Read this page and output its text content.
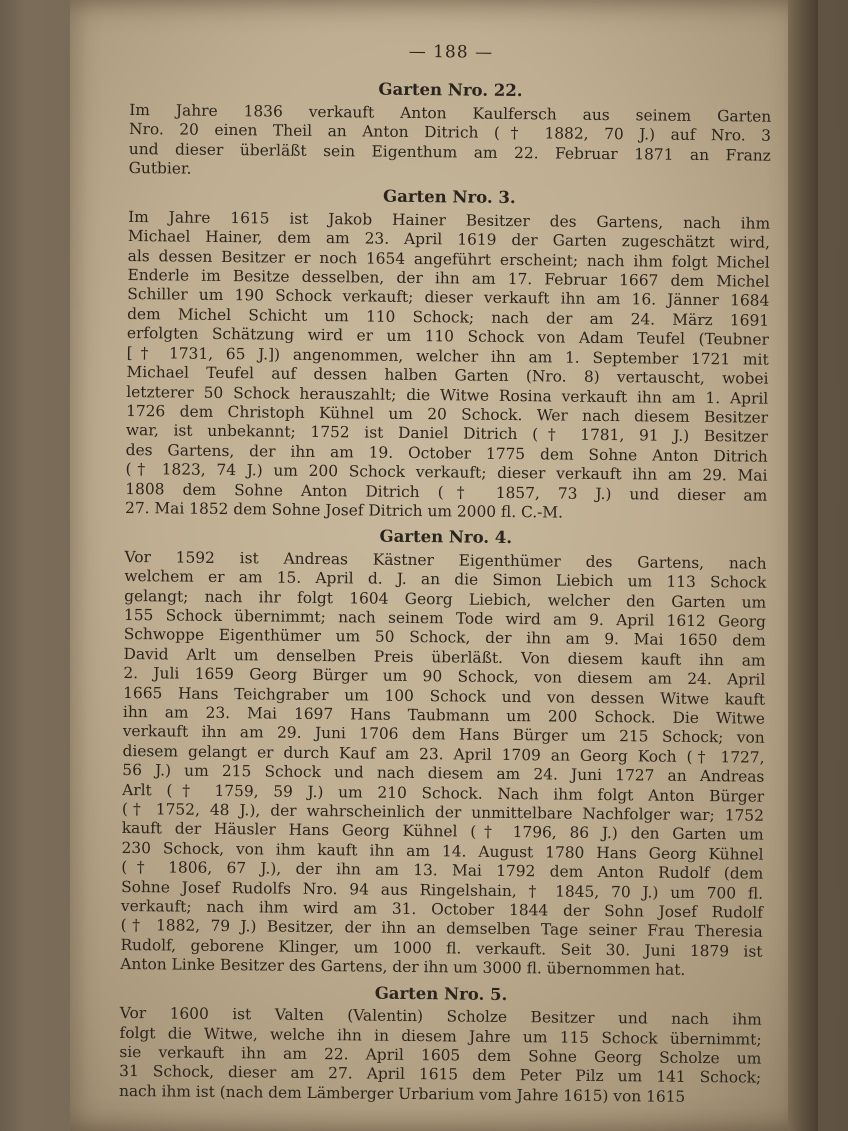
— 188 —
Garten Nro. 22.
Im Jahre 1836 verkauft Anton Kaulfersch aus seinem Garten
Nro. 20 einen Theil an Anton Ditrich († 1882, 70 J.) auf Nro. 3
und dieser überläßt sein Eigenthum am 22. Februar 1871 an Franz
Gutbier.
Garten Nro. 3.
Im Jahre 1615 ist Jakob Hainer Besitzer des Gartens, nach ihm
Michael Hainer, dem am 23. April 1619 der Garten zugeschätzt wird,
als dessen Besitzer er noch 1654 angeführt erscheint; nach ihm folgt Michel
Enderle im Besitze desselben, der ihn am 17. Februar 1667 dem Michel
Schiller um 190 Schock verkauft; dieser verkauft ihn am 16. Jänner 1684
dem Michel Schicht um 110 Schock; nach der am 24. März 1691
erfolgten Schätzung wird er um 110 Schock von Adam Teufel (Teubner
[† 1731, 65 J.]) angenommen, welcher ihn am 1. September 1721 mit
Michael Teufel auf dessen halben Garten (Nro. 8) vertauscht, wobei
letzterer 50 Schock herauszahlt; die Witwe Rosina verkauft ihn am 1. April
1726 dem Christoph Kühnel um 20 Schock. Wer nach diesem Besitzer
war, ist unbekannt; 1752 ist Daniel Ditrich († 1781, 91 J.) Besitzer
des Gartens, der ihn am 19. October 1775 dem Sohne Anton Ditrich
(† 1823, 74 J.) um 200 Schock verkauft; dieser verkauft ihn am 29. Mai
1808 dem Sohne Anton Ditrich († 1857, 73 J.) und dieser am
27. Mai 1852 dem Sohne Josef Ditrich um 2000 fl. C.-M.
Garten Nro. 4.
Vor 1592 ist Andreas Kästner Eigenthümer des Gartens, nach
welchem er am 15. April d. J. an die Simon Liebich um 113 Schock
gelangt; nach ihr folgt 1604 Georg Liebich, welcher den Garten um
155 Schock übernimmt; nach seinem Tode wird am 9. April 1612 Georg
Schwoppe Eigenthümer um 50 Schock, der ihn am 9. Mai 1650 dem
David Arlt um denselben Preis überläßt. Von diesem kauft ihn am
2. Juli 1659 Georg Bürger um 90 Schock, von diesem am 24. April
1665 Hans Teichgraber um 100 Schock und von dessen Witwe kauft
ihn am 23. Mai 1697 Hans Taubmann um 200 Schock. Die Witwe
verkauft ihn am 29. Juni 1706 dem Hans Bürger um 215 Schock; von
diesem gelangt er durch Kauf am 23. April 1709 an Georg Koch († 1727,
56 J.) um 215 Schock und nach diesem am 24. Juni 1727 an Andreas
Arlt († 1759, 59 J.) um 210 Schock. Nach ihm folgt Anton Bürger
(† 1752, 48 J.), der wahrscheinlich der unmittelbare Nachfolger war; 1752
kauft der Häusler Hans Georg Kühnel († 1796, 86 J.) den Garten um
230 Schock, von ihm kauft ihn am 14. August 1780 Hans Georg Kühnel
(† 1806, 67 J.), der ihn am 13. Mai 1792 dem Anton Rudolf (dem
Sohne Josef Rudolfs Nro. 94 aus Ringelshain, † 1845, 70 J.) um 700 fl.
verkauft; nach ihm wird am 31. October 1844 der Sohn Josef Rudolf
(† 1882, 79 J.) Besitzer, der ihn an demselben Tage seiner Frau Theresia
Rudolf, geborene Klinger, um 1000 fl. verkauft. Seit 30. Juni 1879 ist
Anton Linke Besitzer des Gartens, der ihn um 3000 fl. übernommen hat.
Garten Nro. 5.
Vor 1600 ist Valten (Valentin) Scholze Besitzer und nach ihm
folgt die Witwe, welche ihn in diesem Jahre um 115 Schock übernimmt;
sie verkauft ihn am 22. April 1605 dem Sohne Georg Scholze um
31 Schock, dieser am 27. April 1615 dem Peter Pilz um 141 Schock;
nach ihm ist (nach dem Lämberger Urbarium vom Jahre 1615) von 1615
